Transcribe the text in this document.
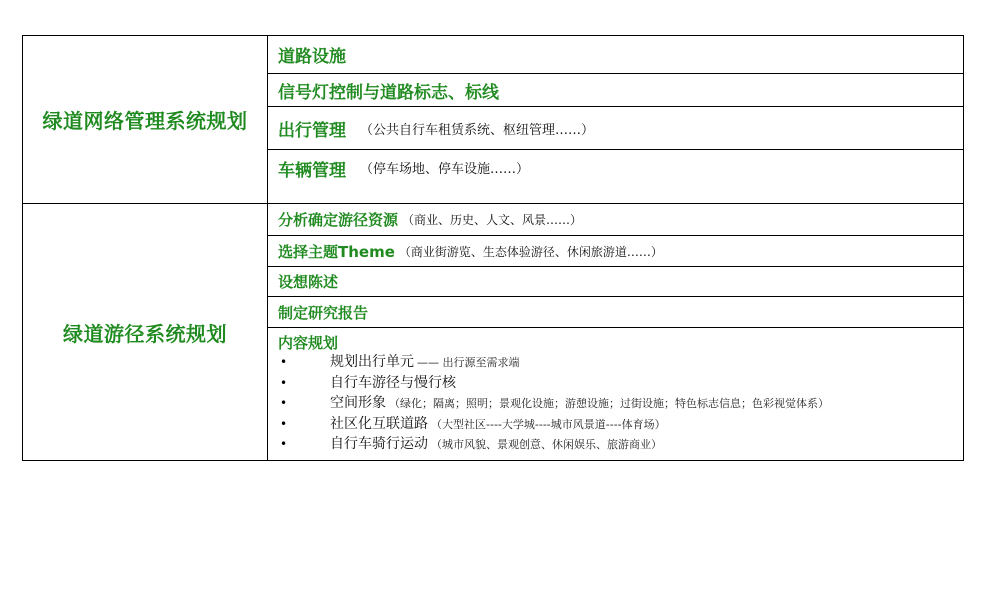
绿道网络管理系统规划
道路设施
信号灯控制与道路标志、标线
出行管理 （公共自行车租赁系统、枢纽管理……）
车辆管理 （停车场地、停车设施……）
绿道游径系统规划
分析确定游径资源 （商业、历史、人文、风景……）
选择主题Theme （商业街游览、生态体验游径、休闲旅游道……）
设想陈述
制定研究报告
内容规划
•	规划出行单元 —— 出行源至需求端
•	自行车游径与慢行核
•	空间形象 （绿化；隔离；照明；景观化设施；游憩设施；过街设施；特色标志信息；色彩视觉体系）
•	社区化互联道路 （大型社区----大学城----城市风景道----体育场）
•	自行车骑行运动 （城市风貌、景观创意、休闲娱乐、旅游商业）
